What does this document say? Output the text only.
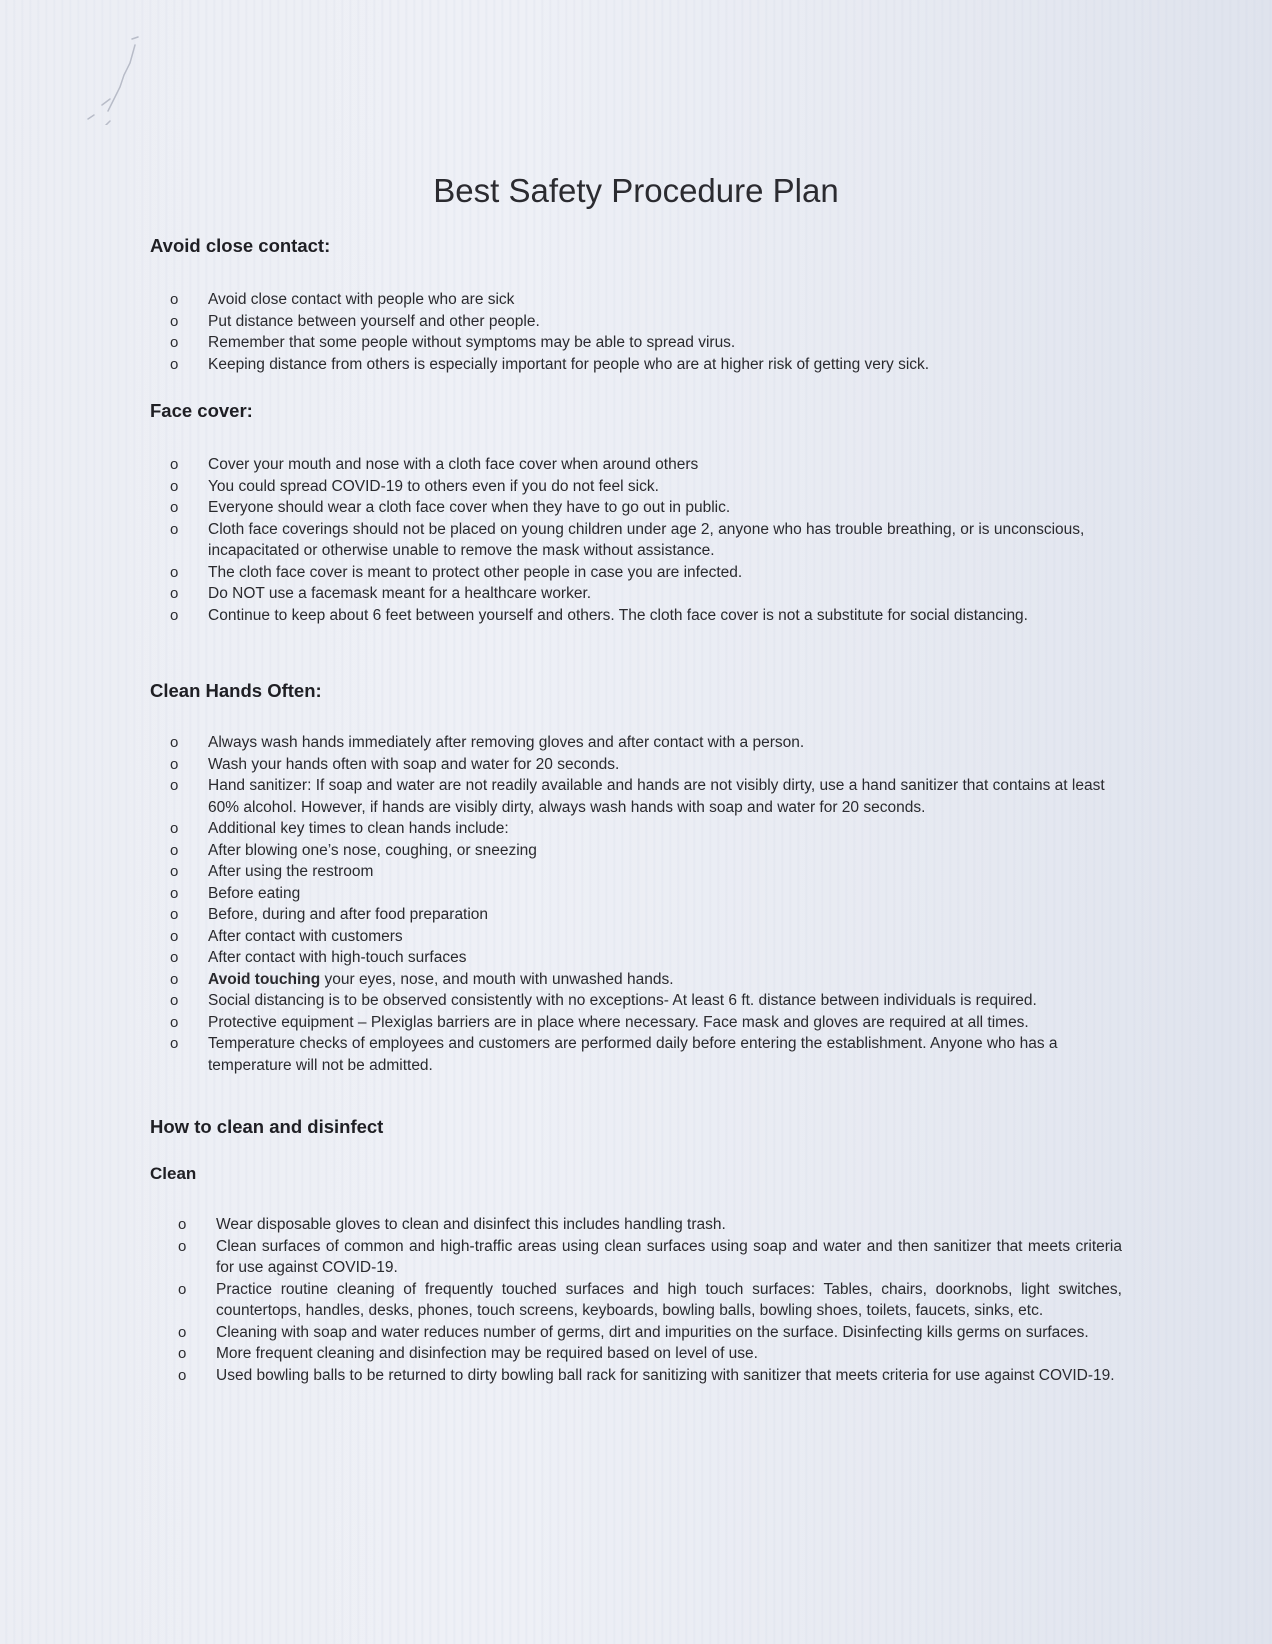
Best Safety Procedure Plan
Avoid close contact:
o Avoid close contact with people who are sick
o Put distance between yourself and other people.
o Remember that some people without symptoms may be able to spread virus.
o Keeping distance from others is especially important for people who are at higher risk of getting very sick.
Face cover:
o Cover your mouth and nose with a cloth face cover when around others
o You could spread COVID-19 to others even if you do not feel sick.
o Everyone should wear a cloth face cover when they have to go out in public.
o Cloth face coverings should not be placed on young children under age 2, anyone who has trouble breathing, or is unconscious, incapacitated or otherwise unable to remove the mask without assistance.
o The cloth face cover is meant to protect other people in case you are infected.
o Do NOT use a facemask meant for a healthcare worker.
o Continue to keep about 6 feet between yourself and others. The cloth face cover is not a substitute for social distancing.
Clean Hands Often:
o Always wash hands immediately after removing gloves and after contact with a person.
o Wash your hands often with soap and water for 20 seconds.
o Hand sanitizer: If soap and water are not readily available and hands are not visibly dirty, use a hand sanitizer that contains at least 60% alcohol. However, if hands are visibly dirty, always wash hands with soap and water for 20 seconds.
o Additional key times to clean hands include:
o After blowing one’s nose, coughing, or sneezing
o After using the restroom
o Before eating
o Before, during and after food preparation
o After contact with customers
o After contact with high-touch surfaces
o Avoid touching your eyes, nose, and mouth with unwashed hands.
o Social distancing is to be observed consistently with no exceptions- At least 6 ft. distance between individuals is required.
o Protective equipment – Plexiglas barriers are in place where necessary. Face mask and gloves are required at all times.
o Temperature checks of employees and customers are performed daily before entering the establishment. Anyone who has a temperature will not be admitted.
How to clean and disinfect
Clean
o Wear disposable gloves to clean and disinfect this includes handling trash.
o Clean surfaces of common and high-traffic areas using clean surfaces using soap and water and then sanitizer that meets criteria for use against COVID-19.
o Practice routine cleaning of frequently touched surfaces and high touch surfaces: Tables, chairs, doorknobs, light switches, countertops, handles, desks, phones, touch screens, keyboards, bowling balls, bowling shoes, toilets, faucets, sinks, etc.
o Cleaning with soap and water reduces number of germs, dirt and impurities on the surface. Disinfecting kills germs on surfaces.
o More frequent cleaning and disinfection may be required based on level of use.
o Used bowling balls to be returned to dirty bowling ball rack for sanitizing with sanitizer that meets criteria for use against COVID-19.
